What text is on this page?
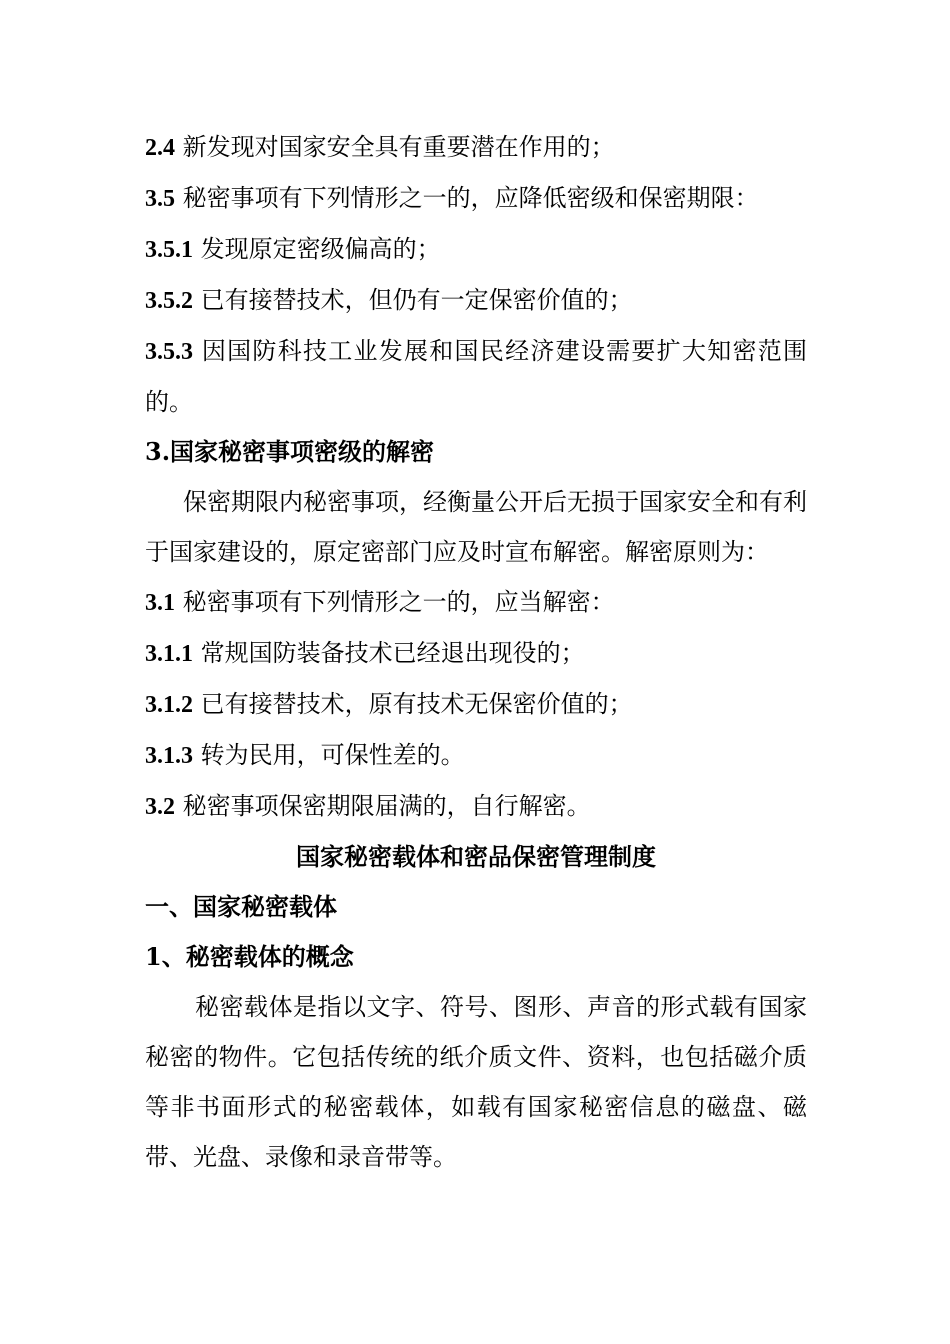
2.4 新发现对国家安全具有重要潜在作用的；

3.5 秘密事项有下列情形之一的，应降低密级和保密期限：

3.5.1 发现原定密级偏高的；

3.5.2 已有接替技术，但仍有一定保密价值的；

3.5.3 因国防科技工业发展和国民经济建设需要扩大知密范围的。

3.国家秘密事项密级的解密

保密期限内秘密事项，经衡量公开后无损于国家安全和有利于国家建设的，原定密部门应及时宣布解密。解密原则为：

3.1 秘密事项有下列情形之一的，应当解密：

3.1.1 常规国防装备技术已经退出现役的；

3.1.2 已有接替技术，原有技术无保密价值的；

3.1.3 转为民用，可保性差的。

3.2 秘密事项保密期限届满的，自行解密。

国家秘密载体和密品保密管理制度

一、国家秘密载体

1、秘密载体的概念

秘密载体是指以文字、符号、图形、声音的形式载有国家秘密的物件。它包括传统的纸介质文件、资料，也包括磁介质等非书面形式的秘密载体，如载有国家秘密信息的磁盘、磁带、光盘、录像和录音带等。
